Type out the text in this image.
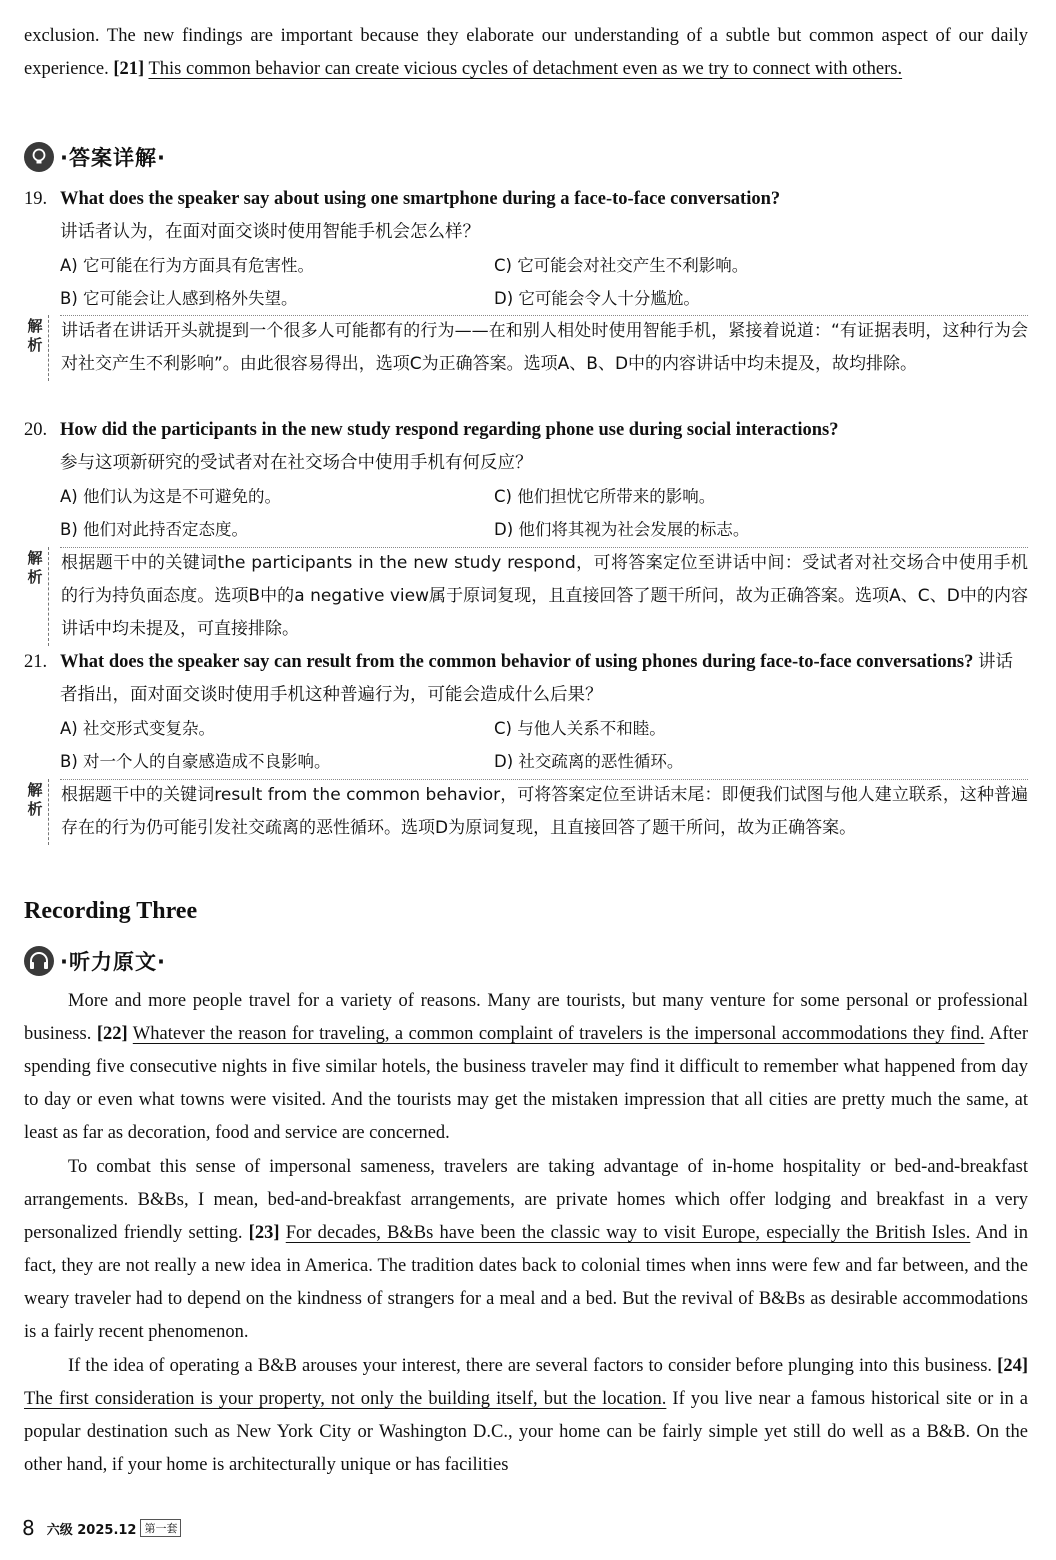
exclusion. The new findings are important because they elaborate our understanding of a subtle but common aspect of our daily experience. [21] This common behavior can create vicious cycles of detachment even as we try to connect with others.
·答案详解·
19. What does the speaker say about using one smartphone during a face-to-face conversation?
讲话者认为，在面对面交谈时使用智能手机会怎么样？
A) 它可能在行为方面具有危害性。	C) 它可能会对社交产生不利影响。
B) 它可能会让人感到格外失望。	D) 它可能会令人十分尴尬。
解析
讲话者在讲话开头就提到一个很多人可能都有的行为——在和别人相处时使用智能手机，紧接着说道：“有证据表明，这种行为会对社交产生不利影响”。由此很容易得出，选项C为正确答案。选项A、B、D中的内容讲话中均未提及，故均排除。
20. How did the participants in the new study respond regarding phone use during social interactions?
参与这项新研究的受试者对在社交场合中使用手机有何反应？
A) 他们认为这是不可避免的。	C) 他们担忧它所带来的影响。
B) 他们对此持否定态度。	D) 他们将其视为社会发展的标志。
解析
根据题干中的关键词the participants in the new study respond，可将答案定位至讲话中间：受试者对社交场合中使用手机的行为持负面态度。选项B中的a negative view属于原词复现，且直接回答了题干所问，故为正确答案。选项A、C、D中的内容讲话中均未提及，可直接排除。
21. What does the speaker say can result from the common behavior of using phones during face-to-face conversations? 讲话者指出，面对面交谈时使用手机这种普遍行为，可能会造成什么后果？
A) 社交形式变复杂。	C) 与他人关系不和睦。
B) 对一个人的自豪感造成不良影响。	D) 社交疏离的恶性循环。
解析
根据题干中的关键词result from the common behavior，可将答案定位至讲话末尾：即便我们试图与他人建立联系，这种普遍存在的行为仍可能引发社交疏离的恶性循环。选项D为原词复现，且直接回答了题干所问，故为正确答案。
Recording Three
·听力原文·
More and more people travel for a variety of reasons. Many are tourists, but many venture for some personal or professional business. [22] Whatever the reason for traveling, a common complaint of travelers is the impersonal accommodations they find. After spending five consecutive nights in five similar hotels, the business traveler may find it difficult to remember what happened from day to day or even what towns were visited. And the tourists may get the mistaken impression that all cities are pretty much the same, at least as far as decoration, food and service are concerned.
To combat this sense of impersonal sameness, travelers are taking advantage of in-home hospitality or bed-and-breakfast arrangements. B&Bs, I mean, bed-and-breakfast arrangements, are private homes which offer lodging and breakfast in a very personalized friendly setting. [23] For decades, B&Bs have been the classic way to visit Europe, especially the British Isles. And in fact, they are not really a new idea in America. The tradition dates back to colonial times when inns were few and far between, and the weary traveler had to depend on the kindness of strangers for a meal and a bed. But the revival of B&Bs as desirable accommodations is a fairly recent phenomenon.
If the idea of operating a B&B arouses your interest, there are several factors to consider before plunging into this business. [24] The first consideration is your property, not only the building itself, but the location. If you live near a famous historical site or in a popular destination such as New York City or Washington D.C., your home can be fairly simple yet still do well as a B&B. On the other hand, if your home is architecturally unique or has facilities
8 六级 2025.12 第一套
